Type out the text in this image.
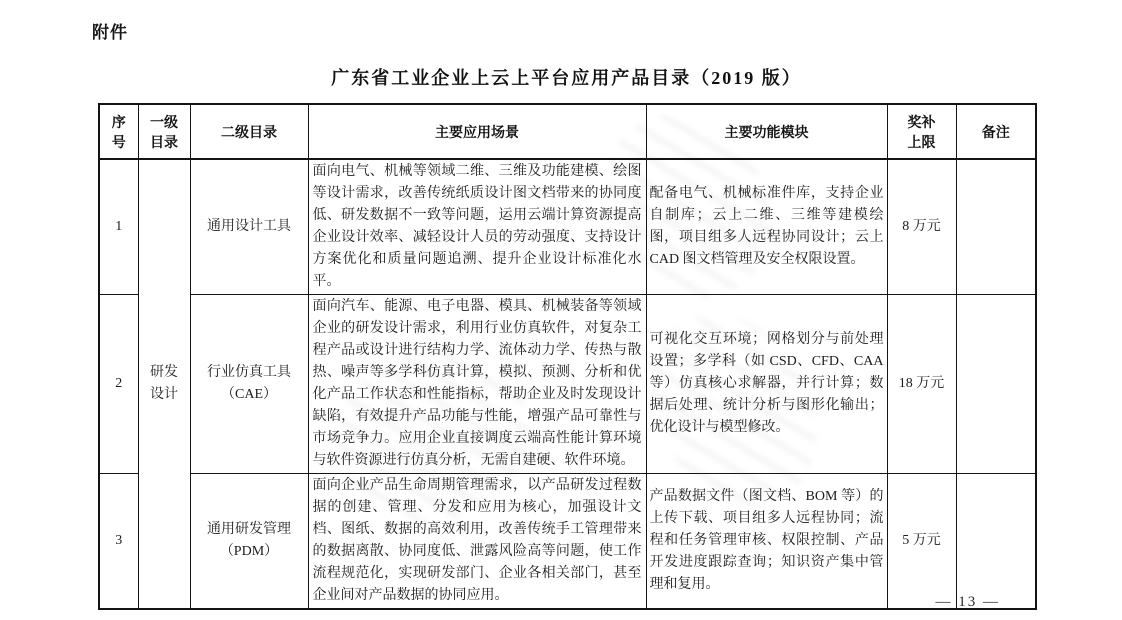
附件
广东省工业企业上云上平台应用产品目录（2019 版）
序号	一级目录	二级目录	主要应用场景	主要功能模块	奖补上限	备注
1	研发设计	通用设计工具	面向电气、机械等领域二维、三维及功能建模、绘图等设计需求，改善传统纸质设计图文档带来的协同度低、研发数据不一致等问题，运用云端计算资源提高企业设计效率、减轻设计人员的劳动强度、支持设计方案优化和质量问题追溯、提升企业设计标准化水平。	配备电气、机械标准件库，支持企业自制库；云上二维、三维等建模绘图，项目组多人远程协同设计；云上 CAD 图文档管理及安全权限设置。	8 万元	
2		行业仿真工具（CAE）	面向汽车、能源、电子电器、模具、机械装备等领域企业的研发设计需求，利用行业仿真软件，对复杂工程产品或设计进行结构力学、流体动力学、传热与散热、噪声等多学科仿真计算，模拟、预测、分析和优化产品工作状态和性能指标，帮助企业及时发现设计缺陷，有效提升产品功能与性能，增强产品可靠性与市场竞争力。应用企业直接调度云端高性能计算环境与软件资源进行仿真分析，无需自建硬、软件环境。	可视化交互环境；网格划分与前处理设置；多学科（如 CSD、CFD、CAA 等）仿真核心求解器，并行计算；数据后处理、统计分析与图形化输出；优化设计与模型修改。	18 万元	
3		通用研发管理（PDM）	面向企业产品生命周期管理需求，以产品研发过程数据的创建、管理、分发和应用为核心，加强设计文档、图纸、数据的高效利用，改善传统手工管理带来的数据离散、协同度低、泄露风险高等问题，使工作流程规范化，实现研发部门、企业各相关部门，甚至企业间对产品数据的协同应用。	产品数据文件（图文档、BOM 等）的上传下载、项目组多人远程协同；流程和任务管理审核、权限控制、产品开发进度跟踪查询；知识资产集中管理和复用。	5 万元	
— 13 —
